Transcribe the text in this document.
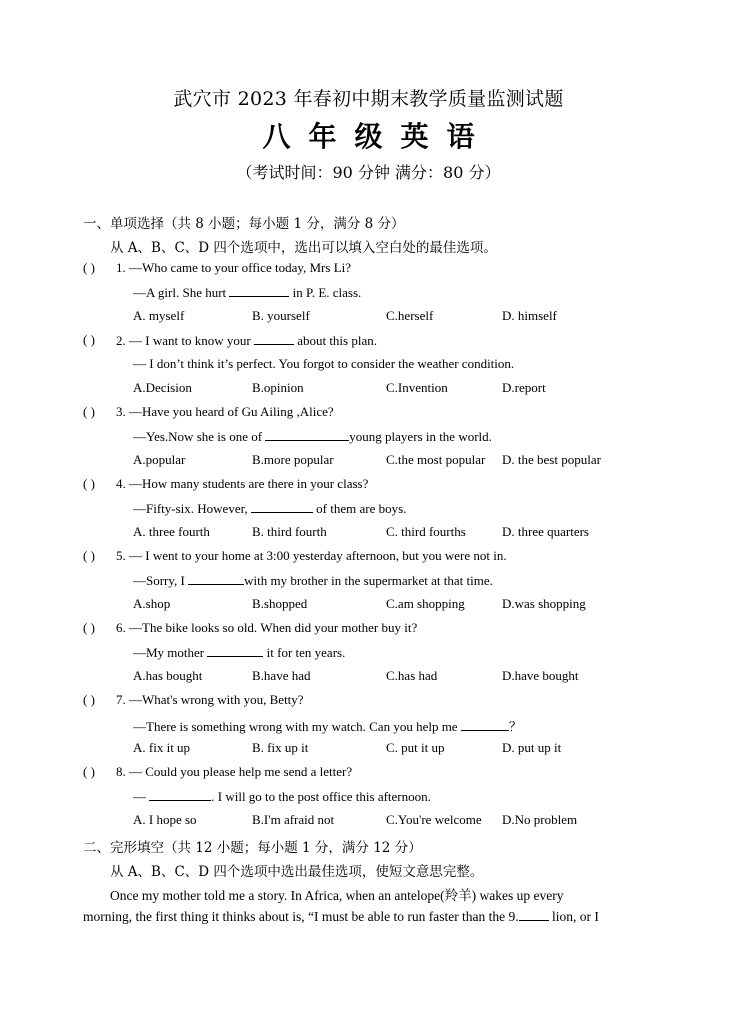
武穴市 2023 年春初中期末教学质量监测试题
八年级英语
（考试时间：90 分钟 满分：80 分）
一、单项选择（共 8 小题；每小题 1 分，满分 8 分）
从 A、B、C、D 四个选项中，选出可以填入空白处的最佳选项。
( ) 1. —Who came to your office today, Mrs Li?
—A girl. She hurt	in P. E. class.
A. myself	B. yourself	C.herself	D. himself
( ) 2. — I want to know your	about this plan.
— I don’t think it’s perfect. You forgot to consider the weather condition.
A.Decision	B.opinion	C.Invention	D.report
( ) 3. —Have you heard of Gu Ailing ,Alice?
—Yes.Now she is one of	young players in the world.
A.popular	B.more popular	C.the most popular D. the best popular
( ) 4. —How many students are there in your class?
—Fifty-six. However,	of them are boys.
A. three fourth	B. third fourth	C. third fourths	D. three quarters
( ) 5. — I went to your home at 3:00 yesterday afternoon, but you were not in.
—Sorry, I	with my brother in the supermarket at that time.
A.shop	B.shopped	C.am shopping	D.was shopping
( ) 6. —The bike looks so old. When did your mother buy it?
—My mother	it for ten years.
A.has bought	B.have had	C.has had	D.have bought
( ) 7. —What's wrong with you, Betty?
—There is something wrong with my watch. Can you help me	？
A. fix it up	B. fix up it	C. put it up	D. put up it
( ) 8. — Could you please help me send a letter?
—	. I will go to the post office this afternoon.
A. I hope so	B.I'm afraid not	C.You're welcome D.No problem
二、完形填空（共 12 小题；每小题 1 分，满分 12 分）
从 A、B、C、D 四个选项中选出最佳选项，使短文意思完整。
Once my mother told me a story. In Africa, when an antelope(羚羊) wakes up every
morning, the first thing it thinks about is, “I must be able to run faster than the 9. lion, or I
